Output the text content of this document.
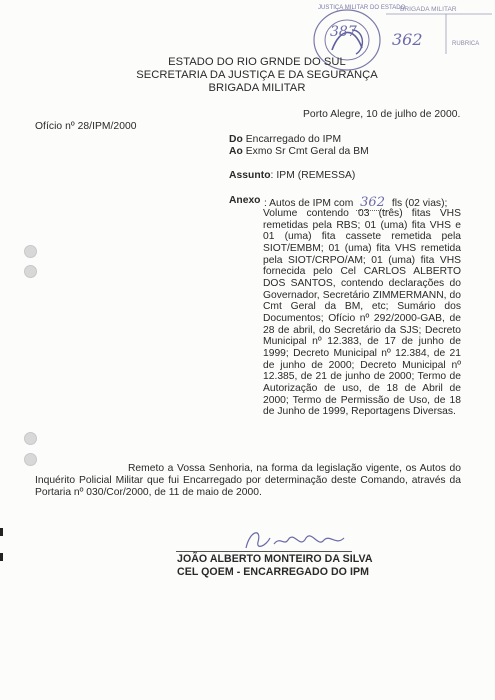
387
JUSTIÇA MILITAR DO ESTADO
BRIGADA MILITAR
362	RUBRICA
ESTADO DO RIO GRNDE DO SUL
SECRETARIA DA JUSTIÇA E DA SEGURANÇA
BRIGADA MILITAR
Porto Alegre, 10 de julho de 2000.
Ofício nº 28/IPM/2000
Do Encarregado do IPM
Ao Exmo Sr Cmt Geral da BM
Assunto: IPM (REMESSA)
Anexo : Autos de IPM com 362 fls (02 vias);
Volume contendo 03 (três) fitas VHS remetidas pela RBS; 01 (uma) fita VHS e 01 (uma) fita cassete remetida pela SIOT/EMBM; 01 (uma) fita VHS remetida pela SIOT/CRPO/AM; 01 (uma) fita VHS fornecida pelo Cel CARLOS ALBERTO DOS SANTOS, contendo declarações do Governador, Secretário ZIMMERMANN, do Cmt Geral da BM, etc; Sumário dos Documentos; Ofício nº 292/2000-GAB, de 28 de abril, do Secretário da SJS; Decreto Municipal nº 12.383, de 17 de junho de 1999; Decreto Municipal nº 12.384, de 21 de junho de 2000; Decreto Municipal nº 12.385, de 21 de junho de 2000; Termo de Autorização de uso, de 18 de Abril de 2000; Termo de Permissão de Uso, de 18 de Junho de 1999, Reportagens Diversas.
Remeto a Vossa Senhoria, na forma da legislação vigente, os Autos do Inquérito Policial Militar que fui Encarregado por determinação deste Comando, através da Portaria nº 030/Cor/2000, de 11 de maio de 2000.
JOÃO ALBERTO MONTEIRO DA SILVA
CEL QOEM - ENCARREGADO DO IPM
